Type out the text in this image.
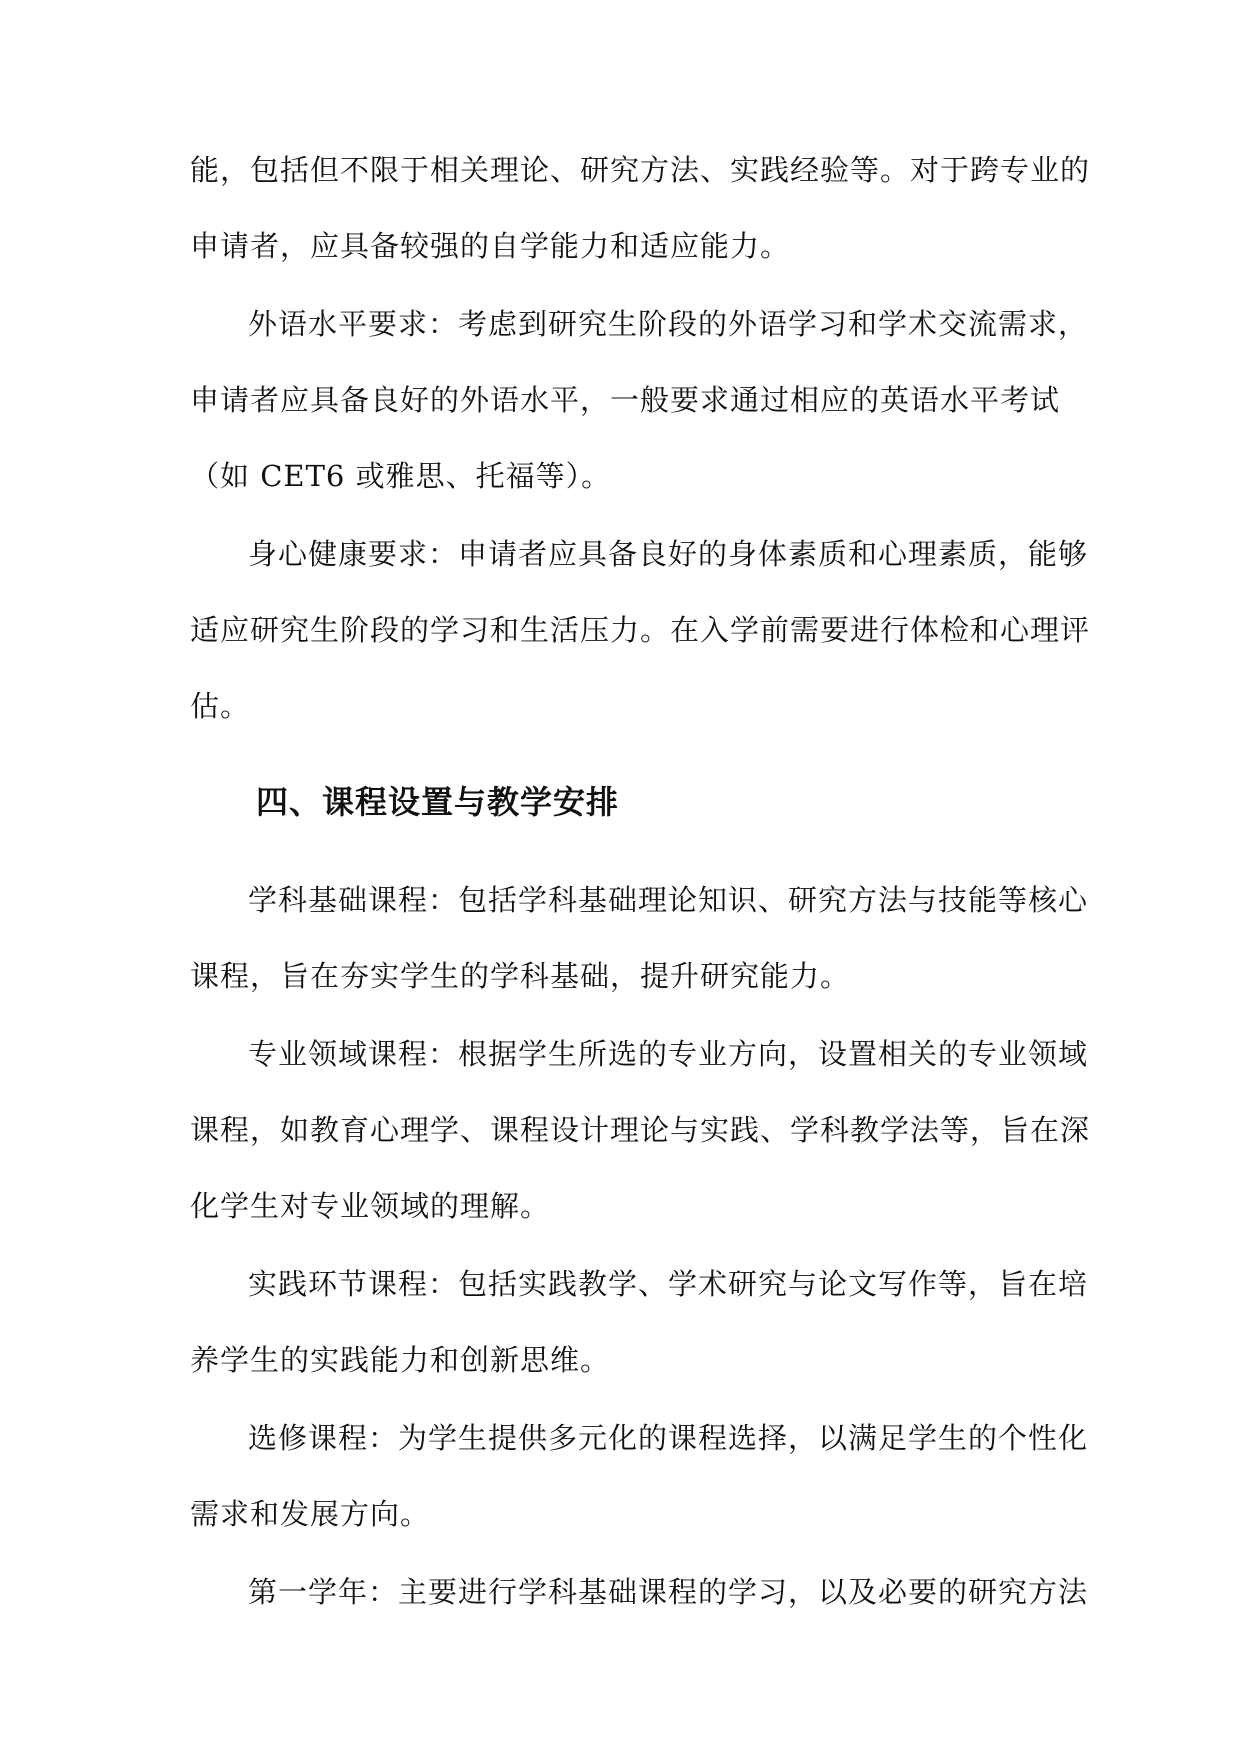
能，包括但不限于相关理论、研究方法、实践经验等。对于跨专业的
申请者，应具备较强的自学能力和适应能力。
外语水平要求：考虑到研究生阶段的外语学习和学术交流需求，
申请者应具备良好的外语水平，一般要求通过相应的英语水平考试
（如 CET6 或雅思、托福等）。
身心健康要求：申请者应具备良好的身体素质和心理素质，能够
适应研究生阶段的学习和生活压力。在入学前需要进行体检和心理评
估。
四、课程设置与教学安排
学科基础课程：包括学科基础理论知识、研究方法与技能等核心
课程，旨在夯实学生的学科基础，提升研究能力。
专业领域课程：根据学生所选的专业方向，设置相关的专业领域
课程，如教育心理学、课程设计理论与实践、学科教学法等，旨在深
化学生对专业领域的理解。
实践环节课程：包括实践教学、学术研究与论文写作等，旨在培
养学生的实践能力和创新思维。
选修课程：为学生提供多元化的课程选择，以满足学生的个性化
需求和发展方向。
第一学年：主要进行学科基础课程的学习，以及必要的研究方法
